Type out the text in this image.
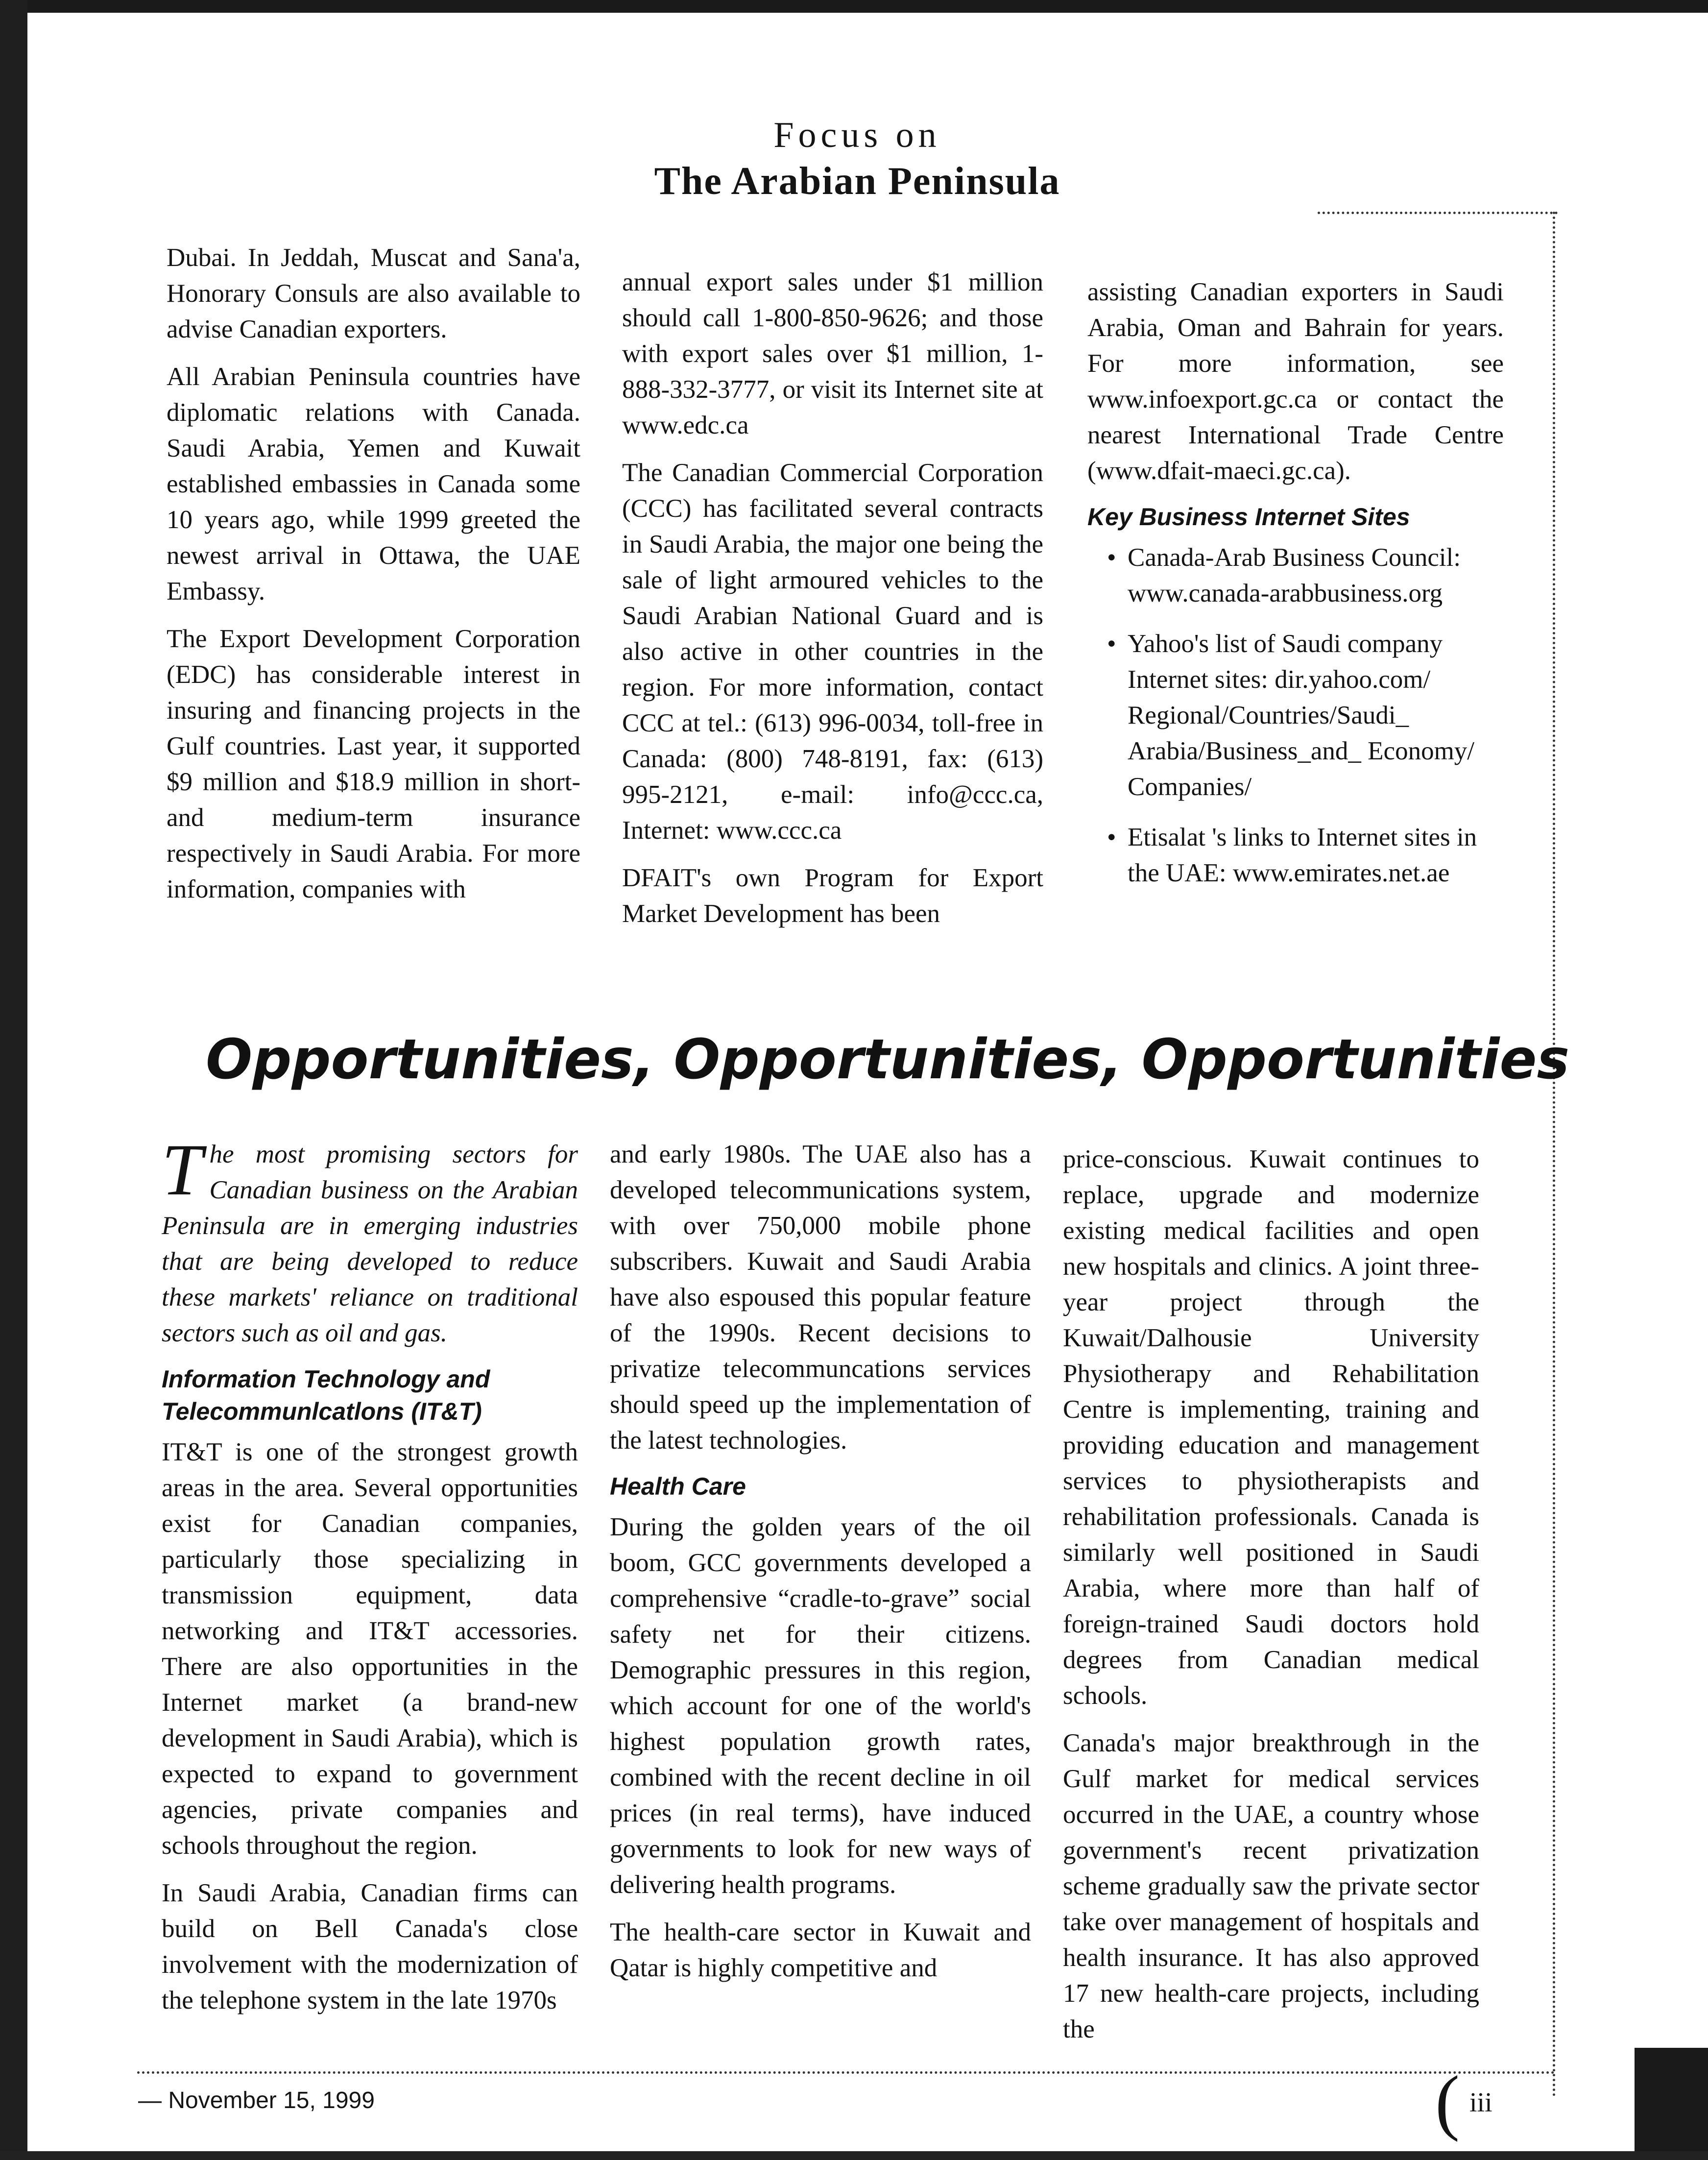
Focus on
The Arabian Peninsula

Dubai. In Jeddah, Muscat and Sana'a, Honorary Consuls are also available to advise Canadian exporters.

All Arabian Peninsula countries have diplomatic relations with Canada. Saudi Arabia, Yemen and Kuwait established embassies in Canada some 10 years ago, while 1999 greeted the newest arrival in Ottawa, the UAE Embassy.

The Export Development Corporation (EDC) has considerable interest in insuring and financing projects in the Gulf countries. Last year, it supported $9 million and $18.9 million in short- and medium-term insurance respectively in Saudi Arabia. For more information, companies with

annual export sales under $1 million should call 1-800-850-9626; and those with export sales over $1 million, 1-888-332-3777, or visit its Internet site at www.edc.ca

The Canadian Commercial Corporation (CCC) has facilitated several contracts in Saudi Arabia, the major one being the sale of light armoured vehicles to the Saudi Arabian National Guard and is also active in other countries in the region. For more information, contact CCC at tel.: (613) 996-0034, toll-free in Canada: (800) 748-8191, fax: (613) 995-2121, e-mail: info@ccc.ca, Internet: www.ccc.ca

DFAIT's own Program for Export Market Development has been

assisting Canadian exporters in Saudi Arabia, Oman and Bahrain for years. For more information, see www.infoexport.gc.ca or contact the nearest International Trade Centre (www.dfait-maeci.gc.ca).

Key Business Internet Sites
• Canada-Arab Business Council: www.canada-arabbusiness.org
• Yahoo's list of Saudi company Internet sites: dir.yahoo.com/ Regional/Countries/Saudi_ Arabia/Business_and_ Economy/ Companies/
• Etisalat 's links to Internet sites in the UAE: www.emirates.net.ae
Opportunities, Opportunities, Opportunities

The most promising sectors for Canadian business on the Arabian Peninsula are in emerging industries that are being developed to reduce these markets' reliance on traditional sectors such as oil and gas.

Information Technology and Telecommunlcatlons (IT&T)

IT&T is one of the strongest growth areas in the area. Several opportunities exist for Canadian companies, particularly those specializing in transmission equipment, data networking and IT&T accessories. There are also opportunities in the Internet market (a brand-new development in Saudi Arabia), which is expected to expand to government agencies, private companies and schools throughout the region.

In Saudi Arabia, Canadian firms can build on Bell Canada's close involvement with the modernization of the telephone system in the late 1970s

and early 1980s. The UAE also has a developed telecommunications system, with over 750,000 mobile phone subscribers. Kuwait and Saudi Arabia have also espoused this popular feature of the 1990s. Recent decisions to privatize telecommuncations services should speed up the implementation of the latest technologies.

Health Care

During the golden years of the oil boom, GCC governments developed a comprehensive “cradle-to-grave” social safety net for their citizens. Demographic pressures in this region, which account for one of the world's highest population growth rates, combined with the recent decline in oil prices (in real terms), have induced governments to look for new ways of delivering health programs.

The health-care sector in Kuwait and Qatar is highly competitive and

price-conscious. Kuwait continues to replace, upgrade and modernize existing medical facilities and open new hospitals and clinics. A joint three-year project through the Kuwait/Dalhousie University Physiotherapy and Rehabilitation Centre is implementing, training and providing education and management services to physiotherapists and rehabilitation professionals. Canada is similarly well positioned in Saudi Arabia, where more than half of foreign-trained Saudi doctors hold degrees from Canadian medical schools.

Canada's major breakthrough in the Gulf market for medical services occurred in the UAE, a country whose government's recent privatization scheme gradually saw the private sector take over management of hospitals and health insurance. It has also approved 17 new health-care projects, including the

— November 15, 1999	( iii
